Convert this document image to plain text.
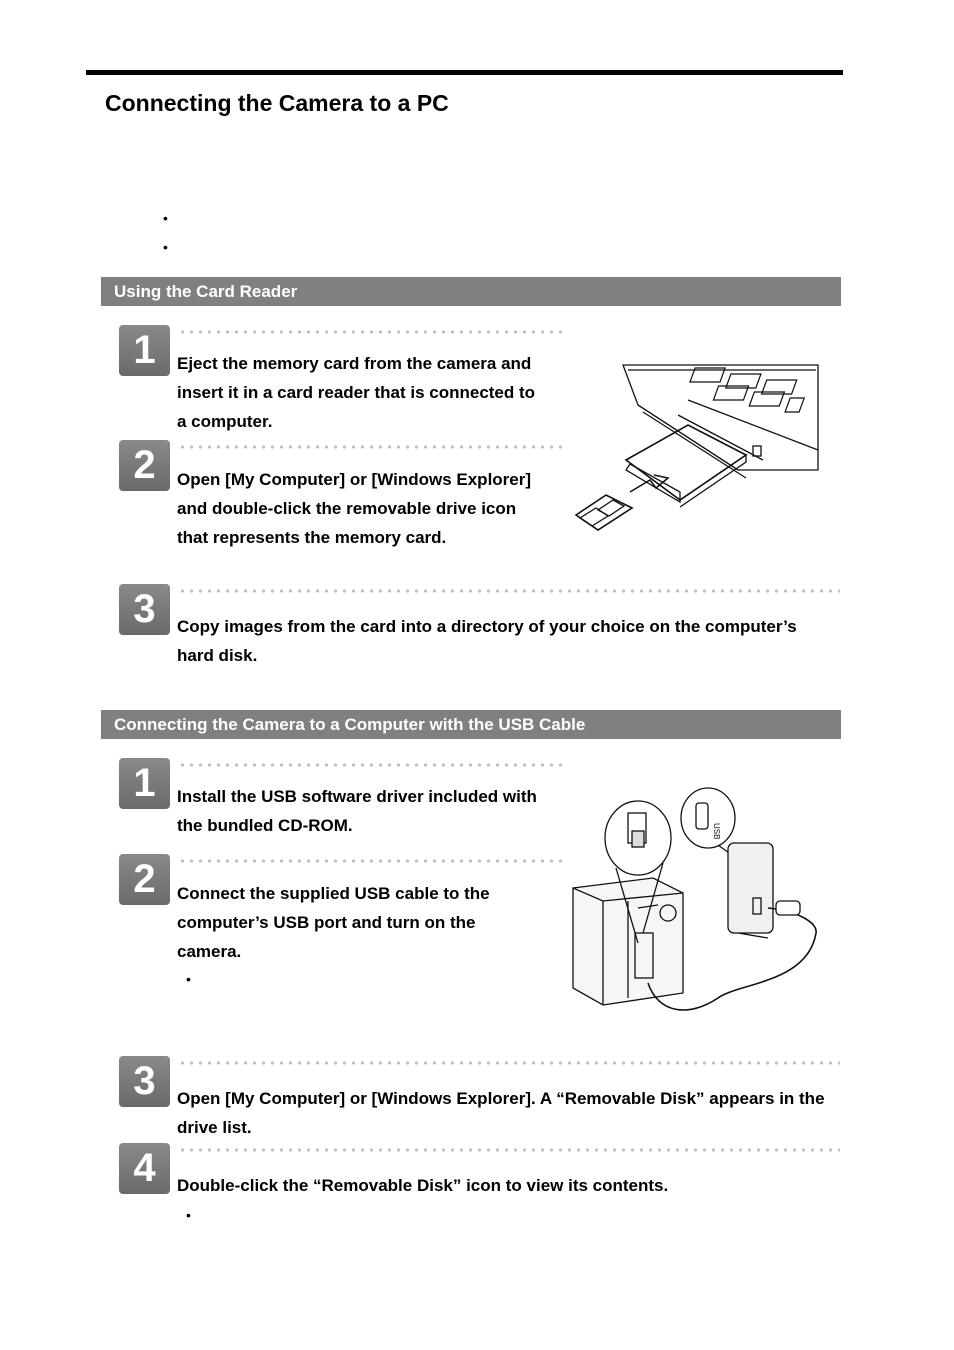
Connecting the Camera to a PC
•
•
Using the Card Reader
1	Eject the memory card from the camera and insert it in a card reader that is connected to a computer.

2	Open [My Computer] or [Windows Explorer] and double-click the removable drive icon that represents the memory card.

3	Copy images from the card into a directory of your choice on the computer’s hard disk.

Connecting the Camera to a Computer with the USB Cable
1	Install the USB software driver included with the bundled CD-ROM.

2	Connect the supplied USB cable to the computer’s USB port and turn on the camera.

•
3	Open [My Computer] or [Windows Explorer]. A “Removable Disk” appears in the drive list.

4	Double-click the “Removable Disk” icon to view its contents.

•
USB
